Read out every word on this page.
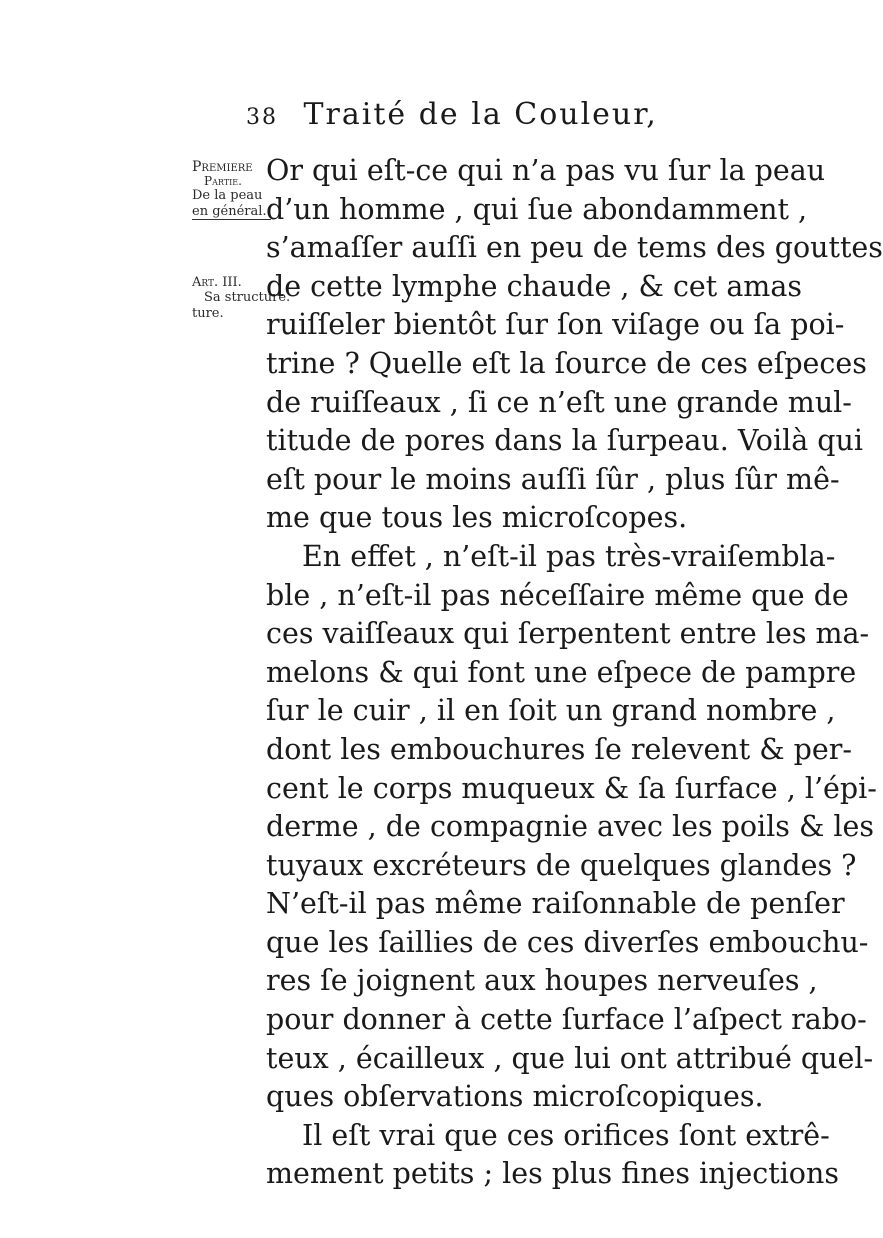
38 Traité de la Couleur,
Premiere
Partie.
De la peau
en général.
Art. III.
Sa structure.
ture.
Or qui eſt-ce qui n’a pas vu ſur la peau
d’un homme , qui ſue abondamment ,
s’amaſſer auſſi en peu de tems des gouttes
de cette lymphe chaude , & cet amas
ruiſſeler bientôt ſur ſon viſage ou ſa poi-
trine ? Quelle eſt la ſource de ces eſpeces
de ruiſſeaux , ſi ce n’eſt une grande mul-
titude de pores dans la ſurpeau. Voilà qui
eſt pour le moins auſſi ſûr , plus ſûr mê-
me que tous les microſcopes.
En effet , n’eſt-il pas très-vraiſembla-
ble , n’eſt-il pas néceſſaire même que de
ces vaiſſeaux qui ſerpentent entre les ma-
melons & qui font une eſpece de pampre
ſur le cuir , il en ſoit un grand nombre ,
dont les embouchures ſe relevent & per-
cent le corps muqueux & ſa ſurface , l’épi-
derme , de compagnie avec les poils & les
tuyaux excréteurs de quelques glandes ?
N’eſt-il pas même raiſonnable de penſer
que les ſaillies de ces diverſes embouchu-
res ſe joignent aux houpes nerveuſes ,
pour donner à cette ſurface l’aſpect rabo-
teux , écailleux , que lui ont attribué quel-
ques obſervations microſcopiques.
Il eſt vrai que ces orifices ſont extrê-
mement petits ; les plus fines injections
